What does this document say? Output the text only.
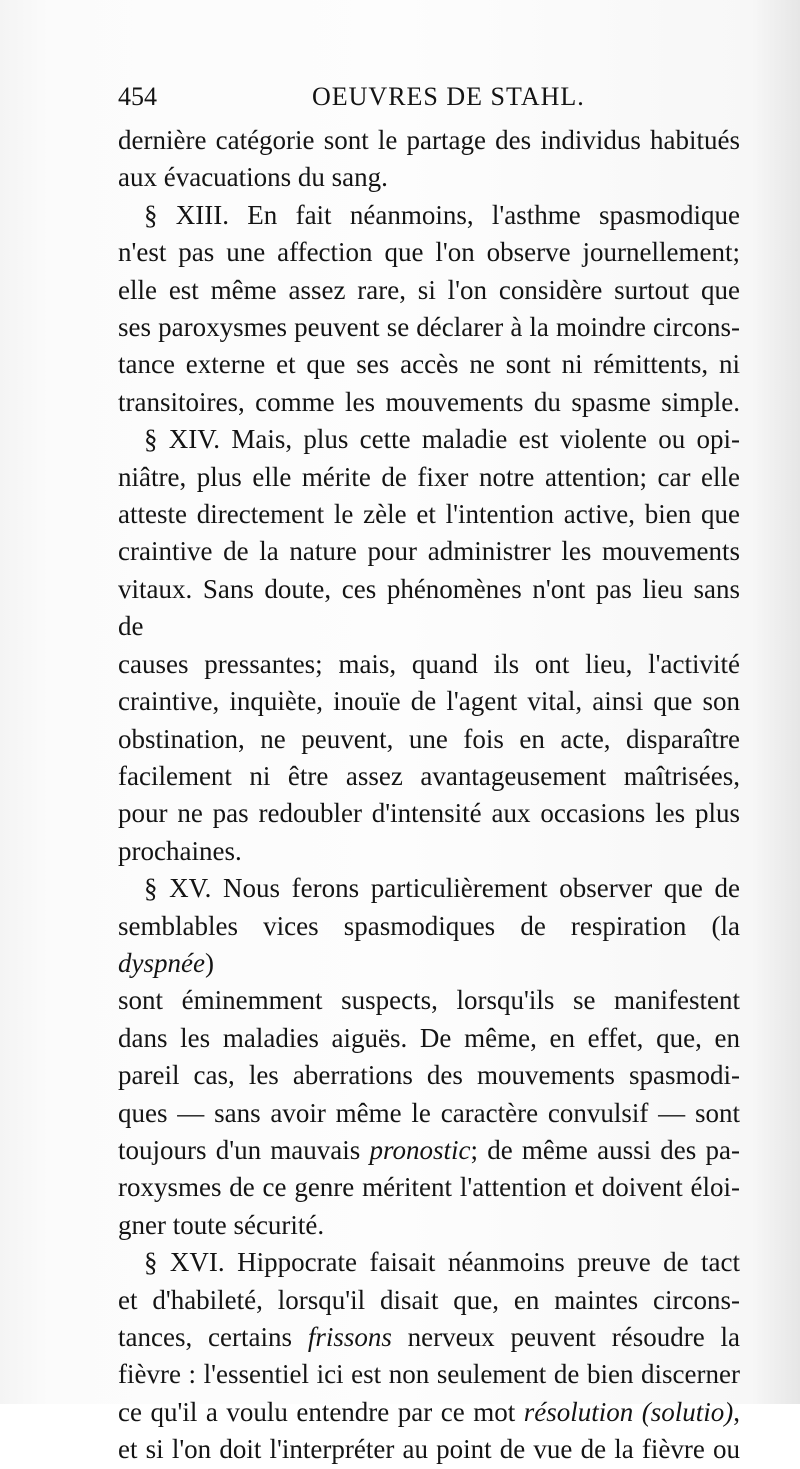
454	OEUVRES DE STAHL.

dernière catégorie sont le partage des individus habitués

aux évacuations du sang.

§ XIII. En fait néanmoins, l'asthme spasmodique

n'est pas une affection que l'on observe journellement;

elle est même assez rare, si l'on considère surtout que

ses paroxysmes peuvent se déclarer à la moindre circons-

tance externe et que ses accès ne sont ni rémittents, ni

transitoires, comme les mouvements du spasme simple.

§ XIV. Mais, plus cette maladie est violente ou opi-

niâtre, plus elle mérite de fixer notre attention; car elle

atteste directement le zèle et l'intention active, bien que

craintive de la nature pour administrer les mouvements

vitaux. Sans doute, ces phénomènes n'ont pas lieu sans de

causes pressantes; mais, quand ils ont lieu, l'activité

craintive, inquiète, inouïe de l'agent vital, ainsi que son

obstination, ne peuvent, une fois en acte, disparaître

facilement ni être assez avantageusement maîtrisées,

pour ne pas redoubler d'intensité aux occasions les plus

prochaines.

§ XV. Nous ferons particulièrement observer que de

semblables vices spasmodiques de respiration (la dyspnée)

sont éminemment suspects, lorsqu'ils se manifestent

dans les maladies aiguës. De même, en effet, que, en

pareil cas, les aberrations des mouvements spasmodi-

ques — sans avoir même le caractère convulsif — sont

toujours d'un mauvais pronostic; de même aussi des pa-

roxysmes de ce genre méritent l'attention et doivent éloi-

gner toute sécurité.

§ XVI. Hippocrate faisait néanmoins preuve de tact

et d'habileté, lorsqu'il disait que, en maintes circons-

tances, certains frissons nerveux peuvent résoudre la

fièvre : l'essentiel ici est non seulement de bien discerner

ce qu'il a voulu entendre par ce mot résolution (solutio),

et si l'on doit l'interpréter au point de vue de la fièvre ou
